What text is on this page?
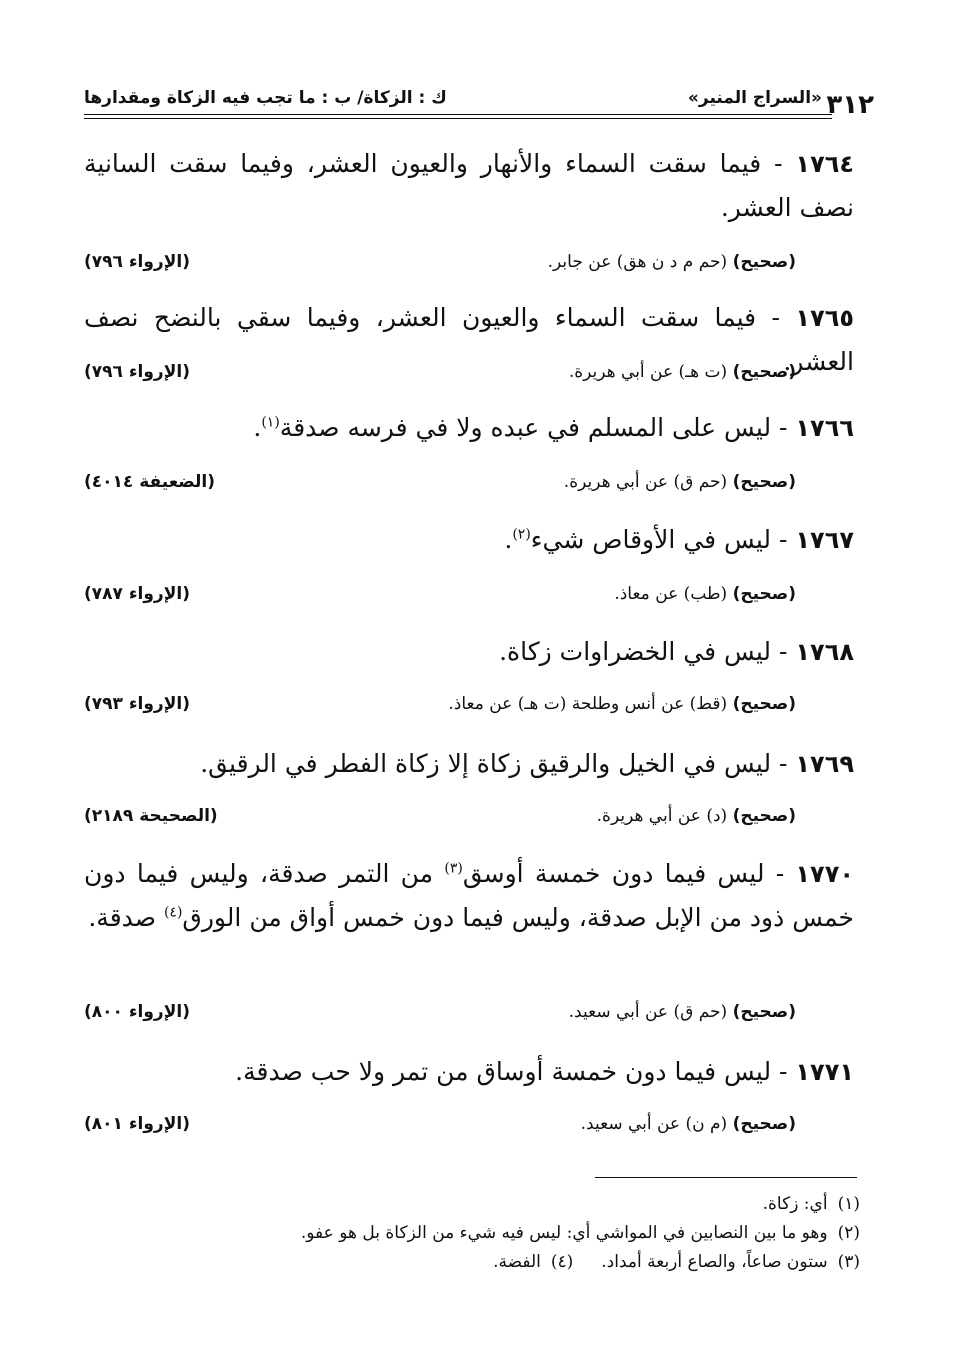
٣١٢
«السراج المنير»
ك : الزكاة/ ب : ما تجب فيه الزكاة ومقدارها

١٧٦٤ - فيما سقت السماء والأنهار والعيون العشر، وفيما سقت السانية نصف العشر.

(صحيح) (حم م د ن هق) عن جابر.
(الإرواء ٧٩٦)

١٧٦٥ - فيما سقت السماء والعيون العشر، وفيما سقي بالنضح نصف العشر.

(صحيح) (ت هـ) عن أبي هريرة.
(الإرواء ٧٩٦)

١٧٦٦ - ليس على المسلم في عبده ولا في فرسه صدقة$^{(١)}$.

(صحيح) (حم ق) عن أبي هريرة.
(الضعيفة ٤٠١٤)

١٧٦٧ - ليس في الأوقاص شيء$^{(٢)}$.

(صحيح) (طب) عن معاذ.
(الإرواء ٧٨٧)

١٧٦٨ - ليس في الخضراوات زكاة.

(صحيح) (قط) عن أنس وطلحة (ت هـ) عن معاذ.
(الإرواء ٧٩٣)

١٧٦٩ - ليس في الخيل والرقيق زكاة إلا زكاة الفطر في الرقيق.

(صحيح) (د) عن أبي هريرة.
(الصحيحة ٢١٨٩)

١٧٧٠ - ليس فيما دون خمسة أوسق$^{(٣)}$ من التمر صدقة، وليس فيما دون خمس ذود من الإبل صدقة، وليس فيما دون خمس أواق من الورق$^{(٤)}$ صدقة.

(صحيح) (حم ق) عن أبي سعيد.
(الإرواء ٨٠٠)

١٧٧١ - ليس فيما دون خمسة أوساق من تمر ولا حب صدقة.

(صحيح) (م ن) عن أبي سعيد.
(الإرواء ٨٠١)
(١)أي: زكاة.
(٢)وهو ما بين النصابين في المواشي أي: ليس فيه شيء من الزكاة بل هو عفو.
(٣)ستون صاعاً، والصاع أربعة أمداد.(٤)الفضة.
